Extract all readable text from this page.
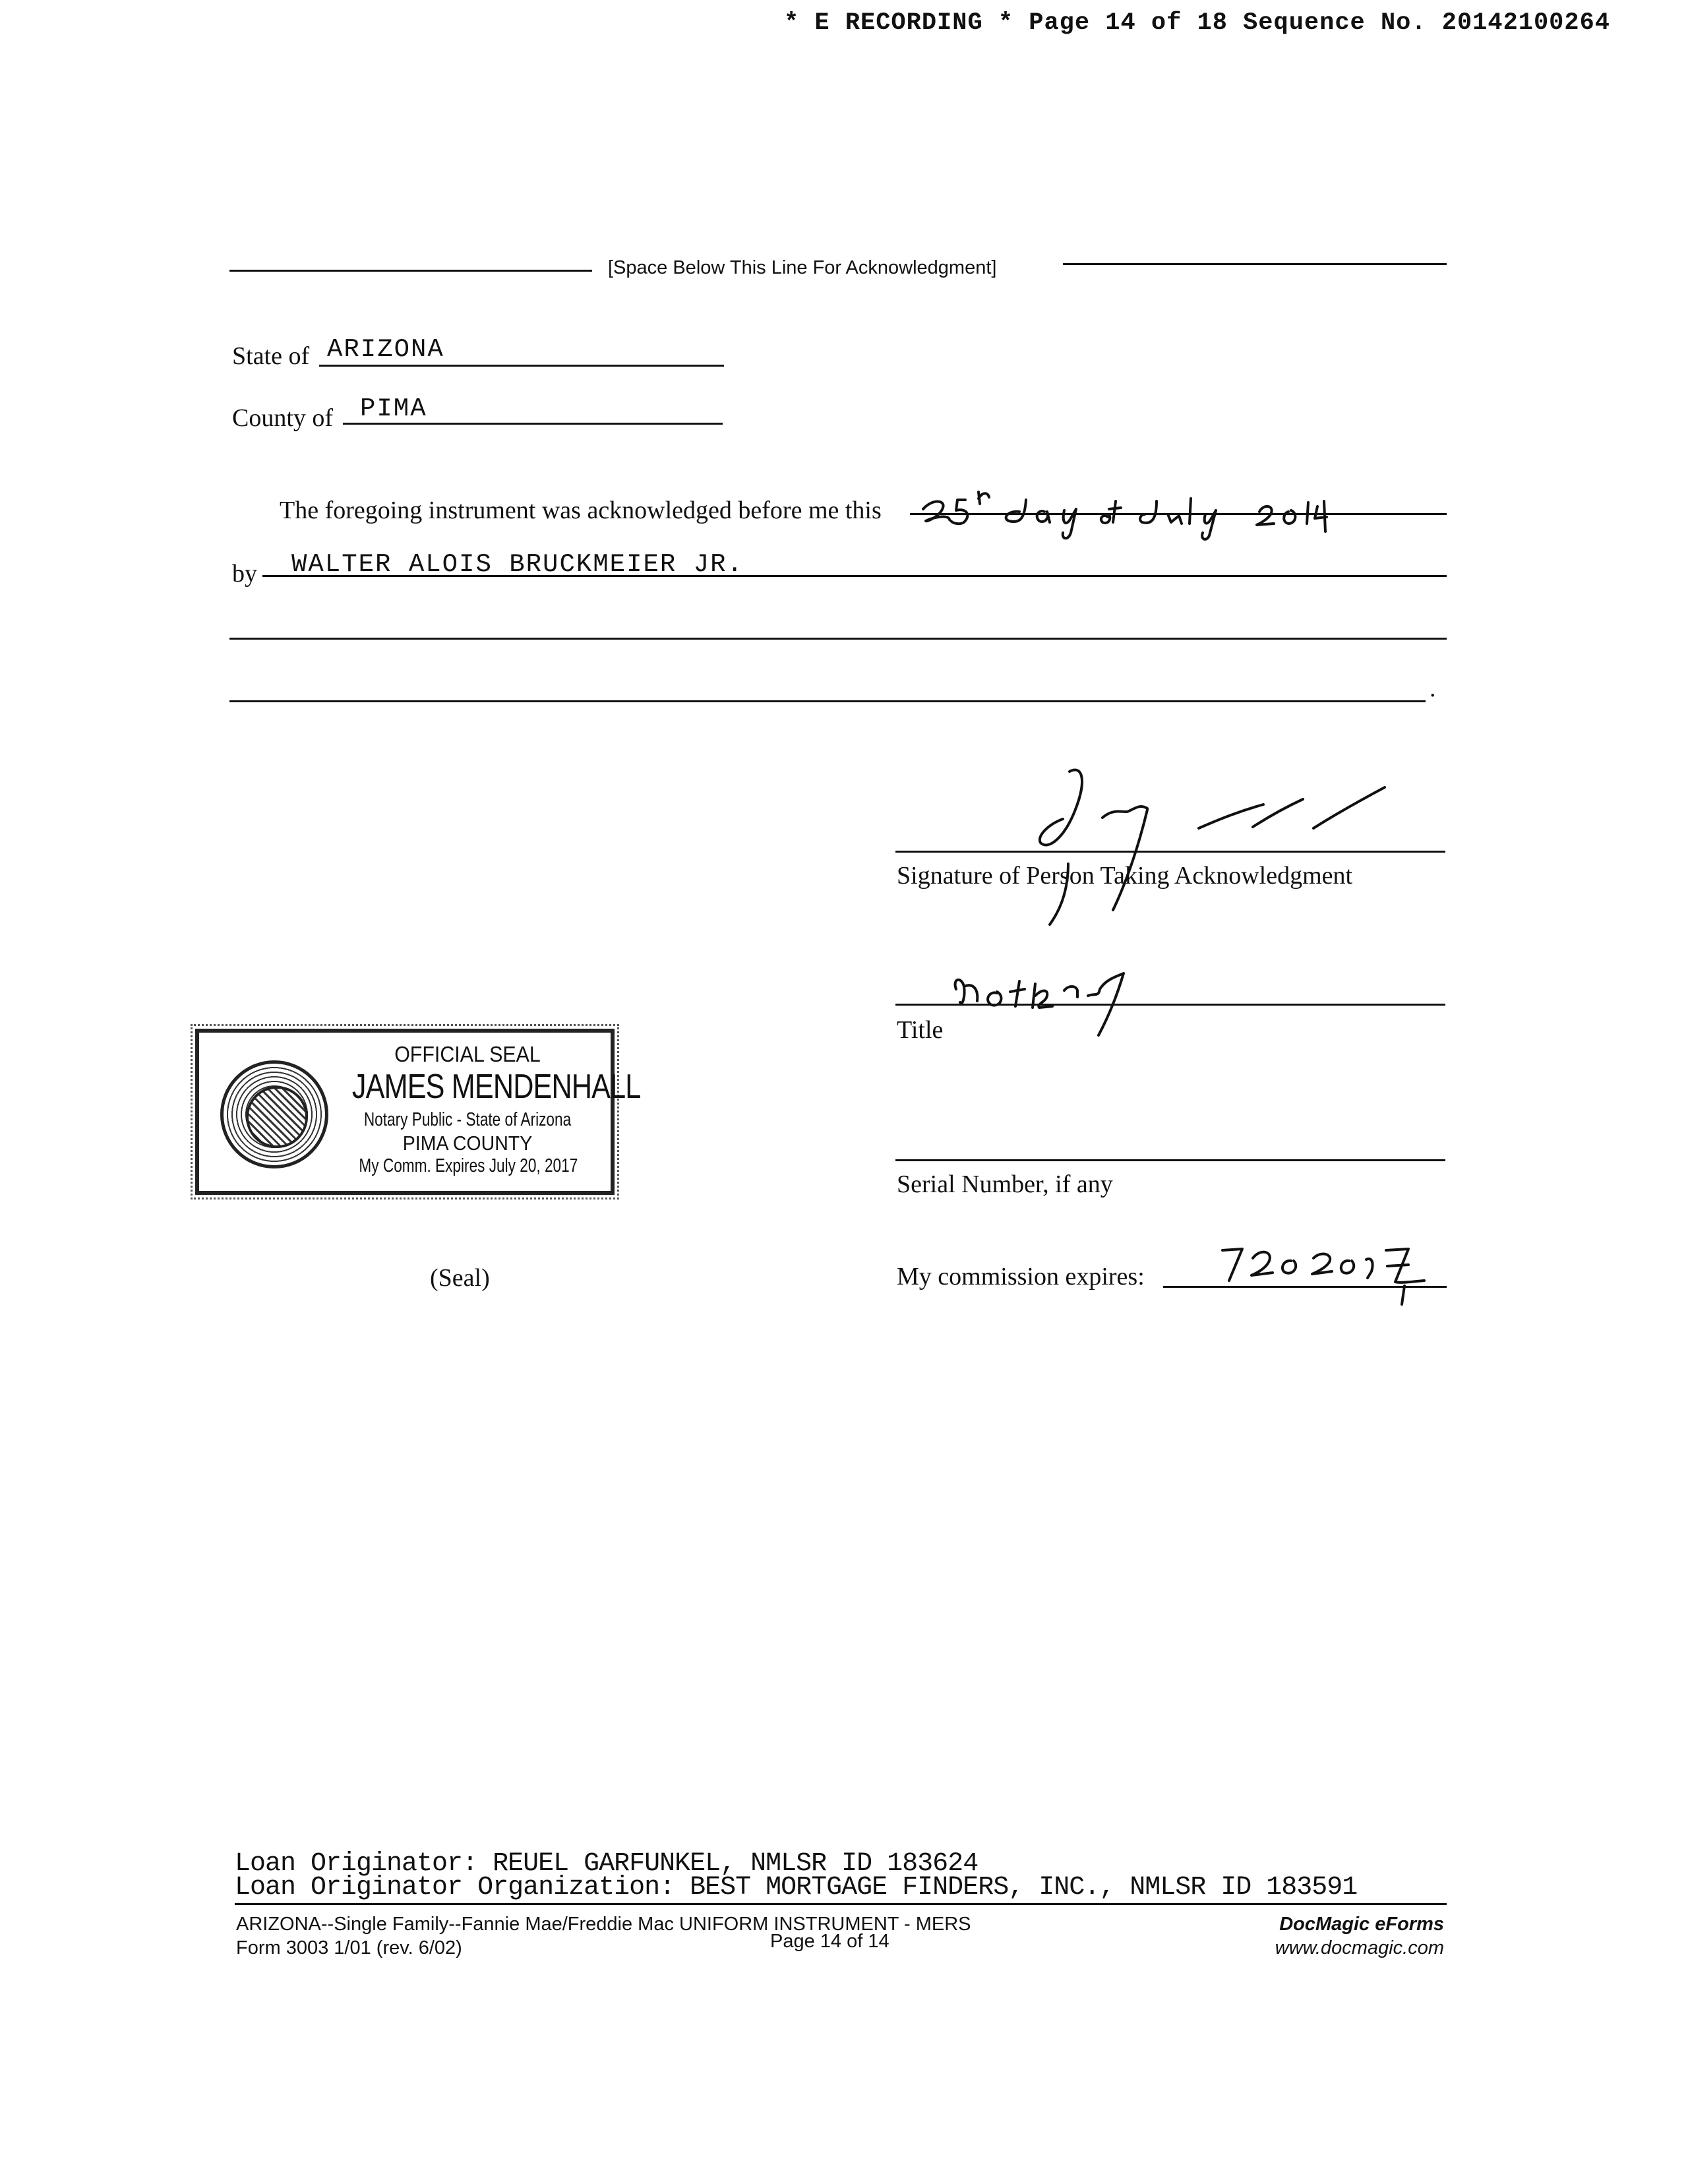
* E RECORDING * Page 14 of 18 Sequence No. 20142100264
[Space Below This Line For Acknowledgment]
State of ARIZONA
County of PIMA
The foregoing instrument was acknowledged before me this
by WALTER ALOIS BRUCKMEIER JR.
.
Signature of Person Taking Acknowledgment
Title
Serial Number, if any
My commission expires:
OFFICIAL SEAL
JAMES MENDENHALL
Notary Public - State of Arizona
PIMA COUNTY
My Comm. Expires July 20, 2017
(Seal)
Loan Originator: REUEL GARFUNKEL, NMLSR ID 183624
Loan Originator Organization: BEST MORTGAGE FINDERS, INC., NMLSR ID 183591
ARIZONA--Single Family--Fannie Mae/Freddie Mac UNIFORM INSTRUMENT - MERS
Form 3003 1/01 (rev. 6/02)	Page 14 of 14
DocMagic eForms
www.docmagic.com
